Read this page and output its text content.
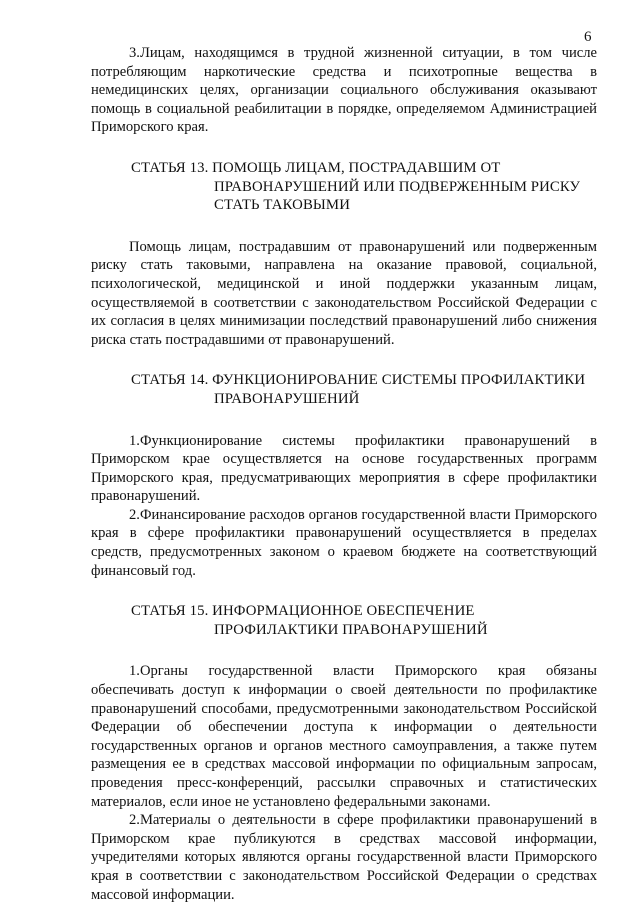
6

3.Лицам, находящимся в трудной жизненной ситуации, в том числе потребляющим наркотические средства и психотропные вещества в немедицинских целях, организации социального обслуживания оказывают помощь в социальной реабилитации в порядке, определяемом Администрацией Приморского края.

СТАТЬЯ 13. ПОМОЩЬ ЛИЦАМ, ПОСТРАДАВШИМ ОТ
ПРАВОНАРУШЕНИЙ ИЛИ ПОДВЕРЖЕННЫМ РИСКУ
СТАТЬ ТАКОВЫМИ

Помощь лицам, пострадавшим от правонарушений или подверженным риску стать таковыми, направлена на оказание правовой, социальной, психологической, медицинской и иной поддержки указанным лицам, осуществляемой в соответствии с законодательством Российской Федерации с их согласия в целях минимизации последствий правонарушений либо снижения риска стать пострадавшими от правонарушений.

СТАТЬЯ 14. ФУНКЦИОНИРОВАНИЕ СИСТЕМЫ ПРОФИЛАКТИКИ
ПРАВОНАРУШЕНИЙ

1.Функционирование системы профилактики правонарушений в Приморском крае осуществляется на основе государственных программ Приморского края, предусматривающих мероприятия в сфере профилактики правонарушений.

2.Финансирование расходов органов государственной власти Приморского края в сфере профилактики правонарушений осуществляется в пределах средств, предусмотренных законом о краевом бюджете на соответствующий финансовый год.

СТАТЬЯ 15. ИНФОРМАЦИОННОЕ ОБЕСПЕЧЕНИЕ
ПРОФИЛАКТИКИ ПРАВОНАРУШЕНИЙ

1.Органы государственной власти Приморского края обязаны обеспечивать доступ к информации о своей деятельности по профилактике правонарушений способами, предусмотренными законодательством Российской Федерации об обеспечении доступа к информации о деятельности государственных органов и органов местного самоуправления, а также путем размещения ее в средствах массовой информации по официальным запросам, проведения пресс-конференций, рассылки справочных и статистических материалов, если иное не установлено федеральными законами.

2.Материалы о деятельности в сфере профилактики правонарушений в Приморском крае публикуются в средствах массовой информации, учредителями которых являются органы государственной власти Приморского края в соответствии с законодательством Российской Федерации о средствах массовой информации.
